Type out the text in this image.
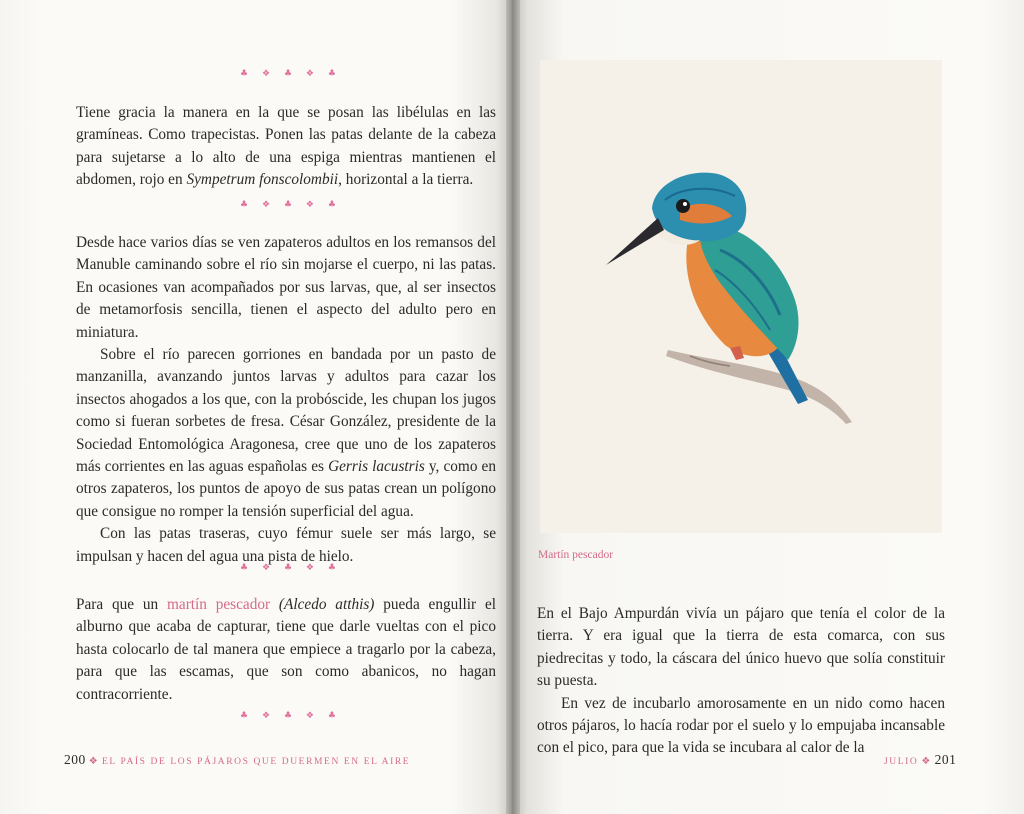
♣ ❖ ♣ ❖ ♣

Tiene gracia la manera en la que se posan las libélulas en las gramíneas. Como trapecistas. Ponen las patas delante de la cabeza para sujetarse a lo alto de una espiga mientras mantienen el abdomen, rojo en Sympetrum fonscolombii, horizontal a la tierra.

♣ ❖ ♣ ❖ ♣

Desde hace varios días se ven zapateros adultos en los remansos del Manuble caminando sobre el río sin mojarse el cuerpo, ni las patas. En ocasiones van acompañados por sus larvas, que, al ser insectos de metamorfosis sencilla, tienen el aspecto del adulto pero en miniatura.

Sobre el río parecen gorriones en bandada por un pasto de manzanilla, avanzando juntos larvas y adultos para cazar los insectos ahogados a los que, con la probóscide, les chupan los jugos como si fueran sorbetes de fresa. César González, presidente de la Sociedad Entomológica Aragonesa, cree que uno de los zapateros más corrientes en las aguas españolas es Gerris lacustris y, como en otros zapateros, los puntos de apoyo de sus patas crean un polígono que consigue no romper la tensión superficial del agua.

Con las patas traseras, cuyo fémur suele ser más largo, se impulsan y hacen del agua una pista de hielo.

♣ ❖ ♣ ❖ ♣

Para que un martín pescador (Alcedo atthis) pueda engullir el alburno que acaba de capturar, tiene que darle vueltas con el pico hasta colocarlo de tal manera que empiece a tragarlo por la cabeza, para que las escamas, que son como abanicos, no hagan contracorriente.

♣ ❖ ♣ ❖ ♣
200 ❖ EL PAÍS DE LOS PÁJAROS QUE DUERMEN EN EL AIRE
Martín pescador

En el Bajo Ampurdán vivía un pájaro que tenía el color de la tierra. Y era igual que la tierra de esta comarca, con sus piedrecitas y todo, la cáscara del único huevo que solía constituir su puesta.

En vez de incubarlo amorosamente en un nido como hacen otros pájaros, lo hacía rodar por el suelo y lo empujaba incansable con el pico, para que la vida se incubara al calor de la

JULIO ❖ 201
